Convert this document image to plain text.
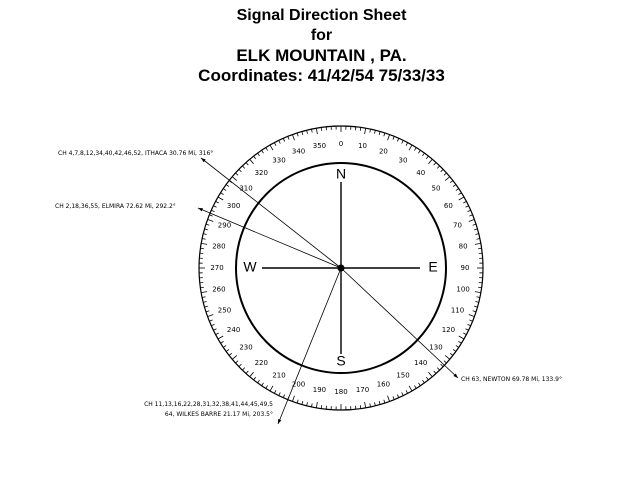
Signal Direction Sheet
for
ELK MOUNTAIN , PA.
Coordinates: 41/42/54 75/33/33
0 10
20
30
40
50
60
70
80
90
100
110
120
130
140
150
160
170
180
190
200
210
220
230
240
250
260
270
280
290
300
310
320
330
340
350
N
E
S
W
CH 4,7,8,12,34,40,42,46,52, ITHACA 30.76 Mi, 316°
CH 2,18,36,55, ELMIRA 72.62 Mi, 292.2°
CH 63, NEWTON 69.78 Mi, 133.9°
CH 11,13,16,22,28,31,32,38,41,44,45,49,5
64, WILKES BARRE 21.17 Mi, 203.5°
